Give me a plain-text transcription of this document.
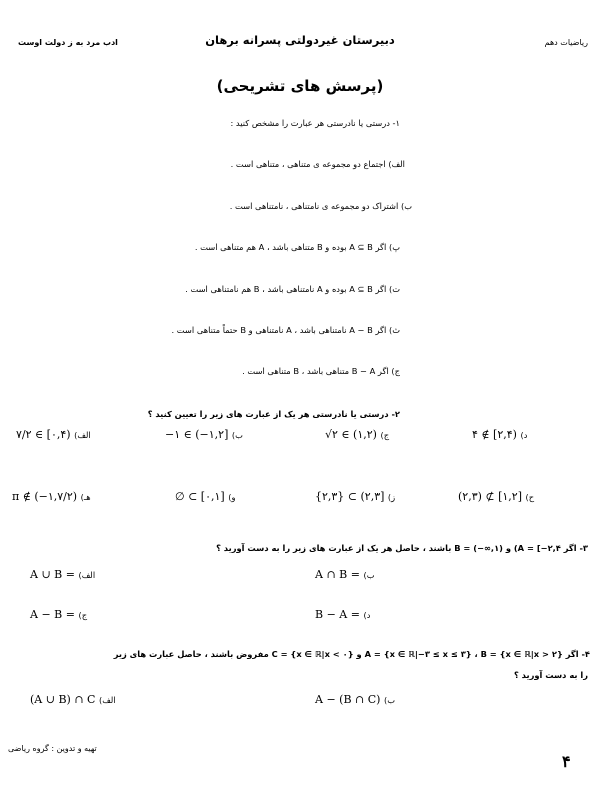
ادب مرد به ز دولت اوست	دبیرستان غیردولتی پسرانه برهان	ریاضیات دهم
(پرسش های تشریحی)
۱- درستی یا نادرستی هر عبارت را مشخص کنید :
الف) اجتماع دو مجموعه ی متناهی ، متناهی است .
ب) اشتراک دو مجموعه ی نامتناهی ، نامتناهی است .
پ) اگر A ⊆ B بوده و B متناهی باشد ، A هم متناهی است .
ت) اگر A ⊆ B بوده و A نامتناهی باشد ، B هم نامتناهی است .
ث) اگر A − B نامتناهی باشد ، A نامتناهی و B حتماً متناهی است .
ج) اگر B − A متناهی باشد ، B متناهی است .
۲- درستی یا نادرستی هر یک از عبارت های زیر را تعیین کنید ؟
۷/۲ ∈ [۰,۴) (الف	−۱ ∈ (−۱,۲] (ب	√۲ ∈ (۱,۲) (ج	۴ ∉ [۲,۴) (د
π ∉ (−۱,۷/۲) (هـ	∅ ⊂ [۰,۱] (و	{۲,۳} ⊂ (۲,۳] (ز	(۲,۳) ⊄ [۱,۲] (ح
۳- اگر A = [−۲,۴) و B = (−∞,۱) باشند ، حاصل هر یک از عبارت های زیر را به دست آورید ؟
A ∪ B = (الف	A ∩ B = (ب
A − B = (ج	B − A = (د
۴- اگر A = {x ∈ ℝ|−۳ ≤ x ≤ ۳} ، B = {x ∈ ℝ|x > ۲} و C = {x ∈ ℝ|x < ۰} مفروض باشند ، حاصل عبارت های زیر
را به دست آورید ؟
(A ∪ B) ∩ C (الف	A − (B ∩ C) (ب
تهیه و تدوین : گروه ریاضی
۴
